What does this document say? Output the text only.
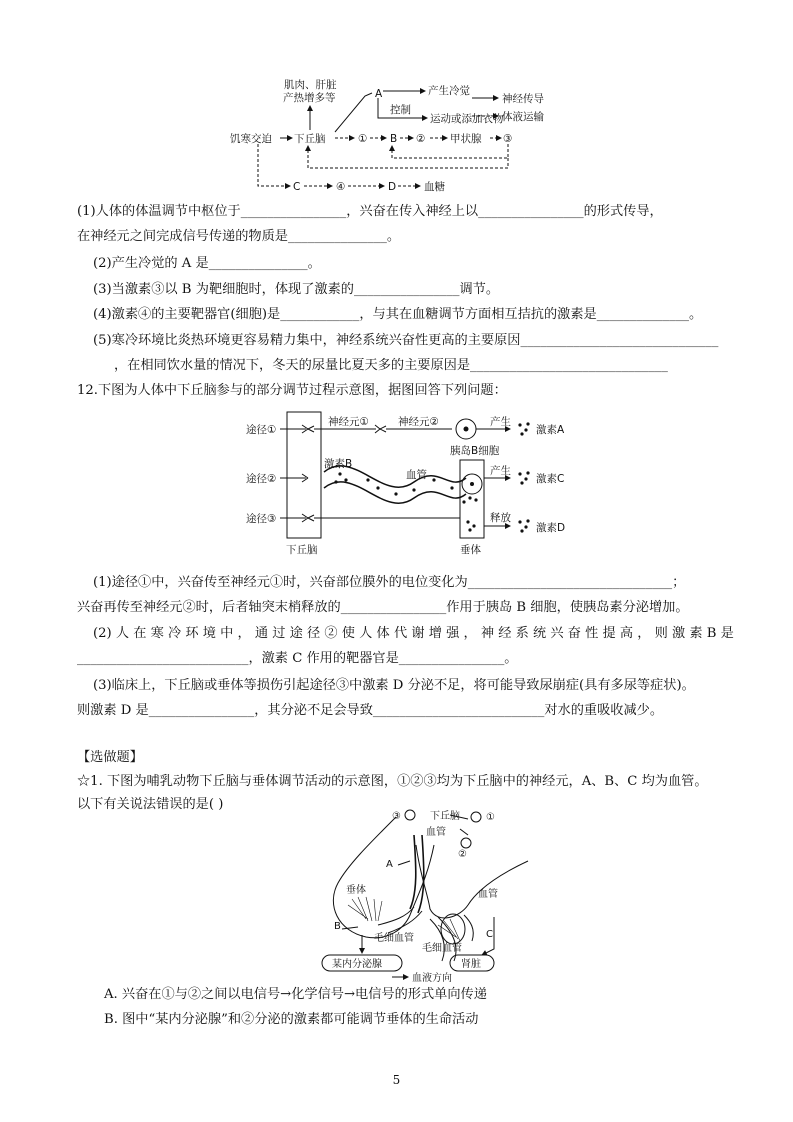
肌肉、肝脏
产热增多等	A	产生冷觉
控制
运动或添加衣物
神经传导
体液运输
饥寒交迫 下丘脑	① B ② 甲状腺 ③
C	④	D	血糖
(1)人体的体温调节中枢位于________________，兴奋在传入神经上以________________的形式传导，
在神经元之间完成信号传递的物质是_______________。
(2)产生冷觉的 A 是_______________。
(3)当激素③以 B 为靶细胞时，体现了激素的________________调节。
(4)激素④的主要靶器官(细胞)是____________，与其在血糖调节方面相互拮抗的激素是______________。
(5)寒冷环境比炎热环境更容易精力集中，神经系统兴奋性更高的主要原因______________________________
，在相同饮水量的情况下，冬天的尿量比夏天多的主要原因是______________________________
12.下图为人体中下丘脑参与的部分调节过程示意图，据图回答下列问题：
途径①
途径②
途径③
下丘脑	垂体
神经元①	神经元②
胰岛B细胞
产生
激素A
激素B
血管	产生
激素C
释放
激素D
(1)途径①中，兴奋传至神经元①时，兴奋部位膜外的电位变化为_______________________________；
兴奋再传至神经元②时，后者轴突末梢释放的________________作用于胰岛 B 细胞，使胰岛素分泌增加。
(2) 人 在 寒 冷 环 境 中 ， 通 过 途 径 ② 使 人 体 代 谢 增 强 ， 神 经 系 统 兴 奋 性 提 高 ， 则 激 素 B 是
__________________________，激素 C 作用的靶器官是________________。
(3)临床上，下丘脑或垂体等损伤引起途径③中激素 D 分泌不足，将可能导致尿崩症(具有多尿等症状)。
则激素 D 是________________，其分泌不足会导致__________________________对水的重吸收减少。
【选做题】
☆1. 下图为哺乳动物下丘脑与垂体调节活动的示意图，①②③均为下丘脑中的神经元，A、B、C 均为血管。
以下有关说法错误的是( )
③	下丘脑	①
血管
②
A
垂体	血管
B
毛细血管	C
毛细血管
某内分泌腺	肾脏
血液方向
A. 兴奋在①与②之间以电信号→化学信号→电信号的形式单向传递
B. 图中“某内分泌腺”和②分泌的激素都可能调节垂体的生命活动
5
